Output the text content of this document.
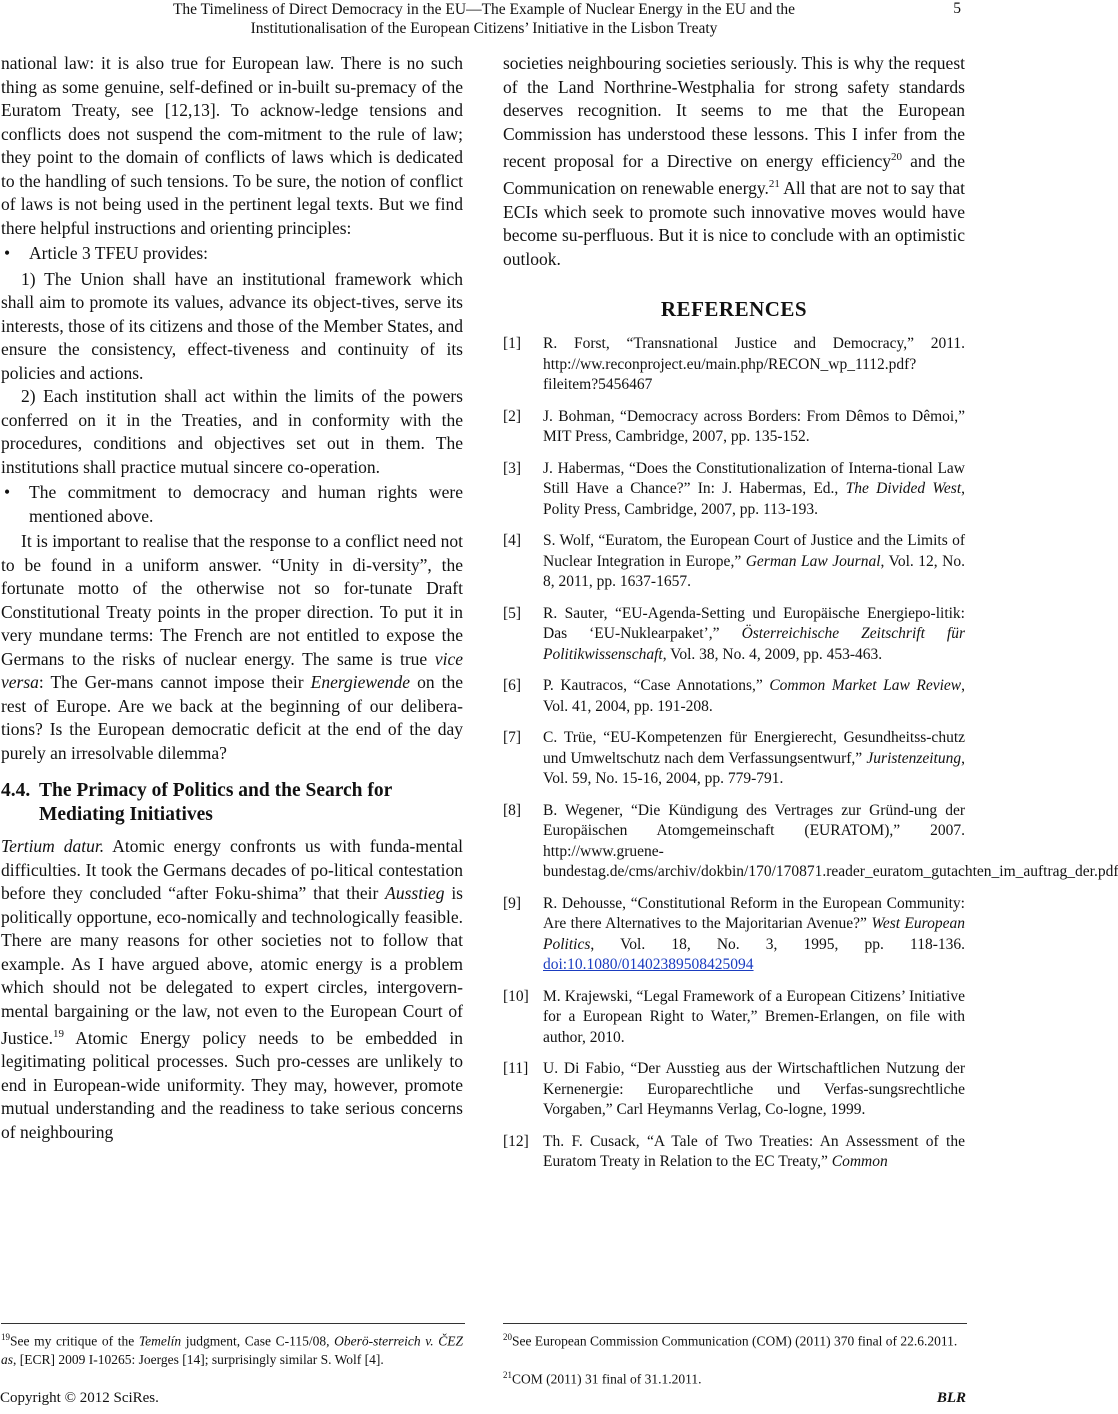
The Timeliness of Direct Democracy in the EU—The Example of Nuclear Energy in the EU and the
Institutionalisation of the European Citizens’ Initiative in the Lisbon Treaty
5

national law: it is also true for European law. There is no such thing as some genuine, self-defined or in-built su-premacy of the Euratom Treaty, see [12,13]. To acknow-ledge tensions and conflicts does not suspend the com-mitment to the rule of law; they point to the domain of conflicts of laws which is dedicated to the handling of such tensions. To be sure, the notion of conflict of laws is not being used in the pertinent legal texts. But we find there helpful instructions and orienting principles:

• Article 3 TFEU provides:

1) The Union shall have an institutional framework which shall aim to promote its values, advance its object-tives, serve its interests, those of its citizens and those of the Member States, and ensure the consistency, effect-tiveness and continuity of its policies and actions.

2) Each institution shall act within the limits of the powers conferred on it in the Treaties, and in conformity with the procedures, conditions and objectives set out in them. The institutions shall practice mutual sincere co-operation.

• The commitment to democracy and human rights were mentioned above.

It is important to realise that the response to a conflict need not to be found in a uniform answer. “Unity in di-versity”, the fortunate motto of the otherwise not so for-tunate Draft Constitutional Treaty points in the proper direction. To put it in very mundane terms: The French are not entitled to expose the Germans to the risks of nuclear energy. The same is true vice versa: The Ger-mans cannot impose their Energiewende on the rest of Europe. Are we back at the beginning of our delibera-tions? Is the European democratic deficit at the end of the day purely an irresolvable dilemma?

4.4. The Primacy of Politics and the Search for
Mediating Initiatives

Tertium datur. Atomic energy confronts us with funda-mental difficulties. It took the Germans decades of po-litical contestation before they concluded “after Foku-shima” that their Ausstieg is politically opportune, eco-nomically and technologically feasible. There are many reasons for other societies not to follow that example. As I have argued above, atomic energy is a problem which should not be delegated to expert circles, intergovern-mental bargaining or the law, not even to the European Court of Justice.$^{19}$ Atomic Energy policy needs to be embedded in legitimating political processes. Such pro-cesses are unlikely to end in European-wide uniformity. They may, however, promote mutual understanding and the readiness to take serious concerns of neighbouring

societies neighbouring societies seriously. This is why the request of the Land Northrine-Westphalia for strong safety standards deserves recognition. It seems to me that the European Commission has understood these lessons. This I infer from the recent proposal for a Directive on energy efficiency$^{20}$ and the Communication on renewable energy.$^{21}$ All that are not to say that ECIs which seek to promote such innovative moves would have become su-perfluous. But it is nice to conclude with an optimistic outlook.

REFERENCES
[1] R. Forst, “Transnational Justice and Democracy,” 2011. http://ww.reconproject.eu/main.php/RECON_wp_1112.pdf?fileitem?5456467
[2] J. Bohman, “Democracy across Borders: From Dêmos to Dêmoi,” MIT Press, Cambridge, 2007, pp. 135-152.
[3] J. Habermas, “Does the Constitutionalization of Interna-tional Law Still Have a Chance?” In: J. Habermas, Ed., The Divided West, Polity Press, Cambridge, 2007, pp. 113-193.
[4] S. Wolf, “Euratom, the European Court of Justice and the Limits of Nuclear Integration in Europe,” German Law Journal, Vol. 12, No. 8, 2011, pp. 1637-1657.
[5] R. Sauter, “EU-Agenda-Setting und Europäische Energiepo-litik: Das ‘EU-Nuklearpaket’,” Österreichische Zeitschrift für Politikwissenschaft, Vol. 38, No. 4, 2009, pp. 453-463.
[6] P. Kautracos, “Case Annotations,” Common Market Law Review, Vol. 41, 2004, pp. 191-208.
[7] C. Trüe, “EU-Kompetenzen für Energierecht, Gesundheitss-chutz und Umweltschutz nach dem Verfassungsentwurf,” Juristenzeitung, Vol. 59, No. 15-16, 2004, pp. 779-791.
[8] B. Wegener, “Die Kündigung des Vertrages zur Gründ-ung der Europäischen Atomgemeinschaft (EURATOM),” 2007. http://www.gruene-bundestag.de/cms/archiv/dokbin/170/170871.reader_euratom_gutachten_im_auftrag_der.pdf
[9] R. Dehousse, “Constitutional Reform in the European Community: Are there Alternatives to the Majoritarian Avenue?” West European Politics, Vol. 18, No. 3, 1995, pp. 118-136. doi:10.1080/01402389508425094
[10] M. Krajewski, “Legal Framework of a European Citizens’ Initiative for a European Right to Water,” Bremen-Erlangen, on file with author, 2010.
[11] U. Di Fabio, “Der Ausstieg aus der Wirtschaftlichen Nutzung der Kernenergie: Europarechtliche und Verfas-sungsrechtliche Vorgaben,” Carl Heymanns Verlag, Co-logne, 1999.
[12] Th. F. Cusack, “A Tale of Two Treaties: An Assessment of the Euratom Treaty in Relation to the EC Treaty,” Common
$^{19}$See my critique of the Temelín judgment, Case C-115/08, Oberö-sterreich v. ČEZ as, [ECR] 2009 I-10265: Joerges [14]; surprisingly similar S. Wolf [4].
$^{20}$See European Commission Communication (COM) (2011) 370 final of 22.6.2011.
$^{21}$COM (2011) 31 final of 31.1.2011.
Copyright © 2012 SciRes.	BLR
